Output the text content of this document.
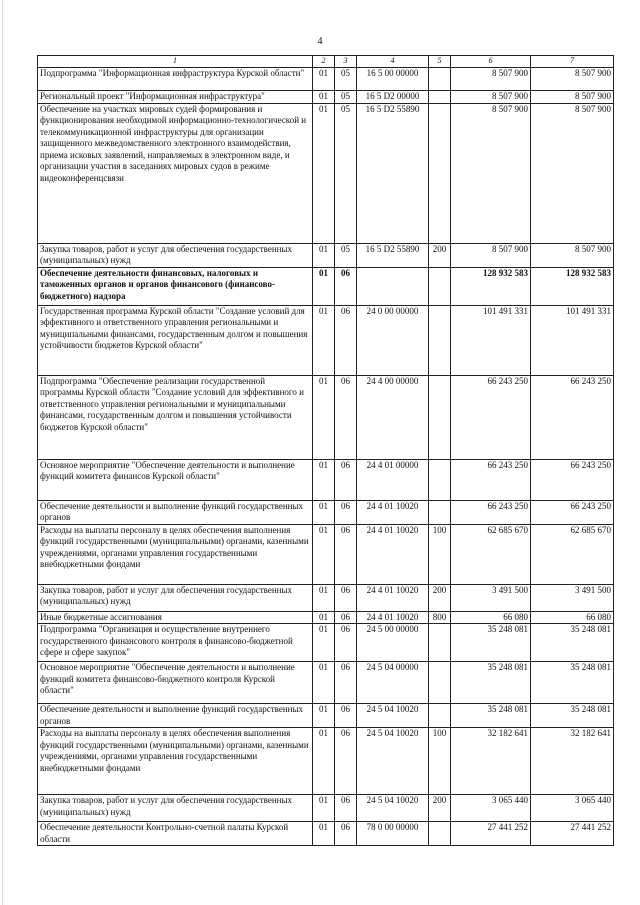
4
1	2	3	4	5	6	7
Подпрограмма "Информационная инфраструктура Курской области"	01	05	16 5 00 00000		8 507 900	8 507 900
Региональный проект "Информационная инфраструктура"	01	05	16 5 D2 00000		8 507 900	8 507 900
Обеспечение на участках мировых судей формирования и функционирования необходимой информационно-технологической и телекоммуникационной инфраструктуры для организации защищенного межведомственного электронного взаимодействия, приема исковых заявлений, направляемых в электронном виде, и организации участия в заседаниях мировых судов в режиме видеоконференцсвязи	01	05	16 5 D2 55890		8 507 900	8 507 900
Закупка товаров, работ и услуг для обеспечения государственных (муниципальных) нужд	01	05	16 5 D2 55890	200	8 507 900	8 507 900
Обеспечение деятельности финансовых, налоговых и таможенных органов и органов финансового (финансово-бюджетного) надзора	01	06			128 932 583	128 932 583
Государственная программа Курской области "Создание условий для эффективного и ответственного управления региональными и муниципальными финансами, государственным долгом и повышения устойчивости бюджетов Курской области"	01	06	24 0 00 00000		101 491 331	101 491 331
Подпрограмма "Обеспечение реализации государственной программы Курской области "Создание условий для эффективного и ответственного управления региональными и муниципальными финансами, государственным долгом и повышения устойчивости бюджетов Курской области"	01	06	24 4 00 00000		66 243 250	66 243 250
Основное мероприятие "Обеспечение деятельности и выполнение функций комитета финансов Курской области"	01	06	24 4 01 00000		66 243 250	66 243 250
Обеспечение деятельности и выполнение функций государственных органов	01	06	24 4 01 10020		66 243 250	66 243 250
Расходы на выплаты персоналу в целях обеспечения выполнения функций государственными (муниципальными) органами, казенными учреждениями, органами управления государственными внебюджетными фондами	01	06	24 4 01 10020	100	62 685 670	62 685 670
Закупка товаров, работ и услуг для обеспечения государственных (муниципальных) нужд	01	06	24 4 01 10020	200	3 491 500	3 491 500
Иные бюджетные ассигнования	01	06	24 4 01 10020	800	66 080	66 080
Подпрограмма "Организация и осуществление внутреннего государственного финансового контроля в финансово-бюджетной сфере и сфере закупок"	01	06	24 5 00 00000		35 248 081	35 248 081
Основное мероприятие "Обеспечение деятельности и выполнение функций комитета финансово-бюджетного контроля Курской области"	01	06	24 5 04 00000		35 248 081	35 248 081
Обеспечение деятельности и выполнение функций государственных органов	01	06	24 5 04 10020		35 248 081	35 248 081
Расходы на выплаты персоналу в целях обеспечения выполнения функций государственными (муниципальными) органами, казенными учреждениями, органами управления государственными внебюджетными фондами	01	06	24 5 04 10020	100	32 182 641	32 182 641
Закупка товаров, работ и услуг для обеспечения государственных (муниципальных) нужд	01	06	24 5 04 10020	200	3 065 440	3 065 440
Обеспечение деятельности Контрольно-счетной палаты Курской области	01	06	78 0 00 00000		27 441 252	27 441 252
